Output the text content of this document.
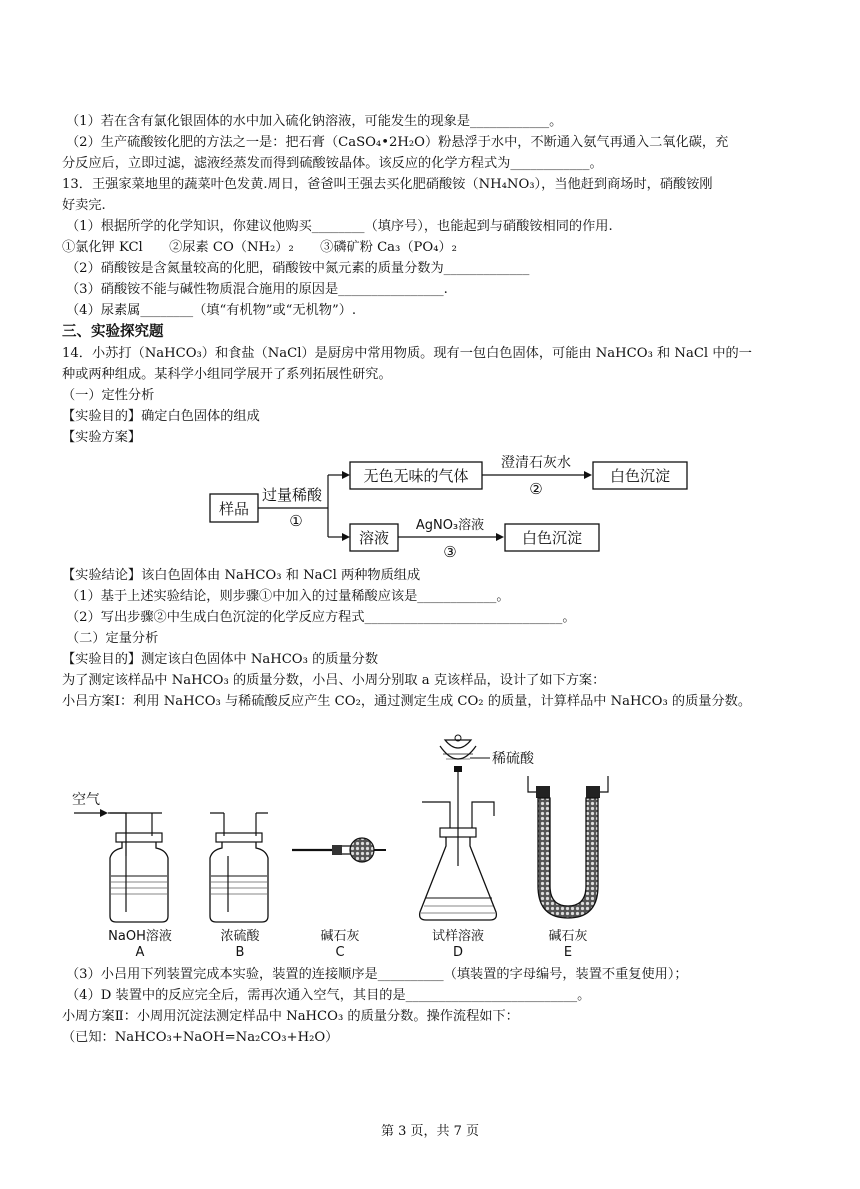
（1）若在含有氯化银固体的水中加入硫化钠溶液，可能发生的现象是____________。
（2）生产硫酸铵化肥的方法之一是：把石膏（CaSO₄•2H₂O）粉悬浮于水中，不断通入氨气再通入二氧化碳，充
分反应后，立即过滤，滤液经蒸发而得到硫酸铵晶体。该反应的化学方程式为____________。
13．王强家菜地里的蔬菜叶色发黄.周日，爸爸叫王强去买化肥硝酸铵（NH₄NO₃），当他赶到商场时，硝酸铵刚
好卖完.
（1）根据所学的化学知识，你建议他购买________（填序号），也能起到与硝酸铵相同的作用.
①氯化钾 KCl　　②尿素 CO（NH₂）₂　　③磷矿粉 Ca₃（PO₄）₂
（2）硝酸铵是含氮量较高的化肥，硝酸铵中氮元素的质量分数为_____________
（3）硝酸铵不能与碱性物质混合施用的原因是________________.
（4）尿素属________（填“有机物”或“无机物”）.
三、实验探究题
14．小苏打（NaHCO₃）和食盐（NaCl）是厨房中常用物质。现有一包白色固体，可能由 NaHCO₃ 和 NaCl 中的一
种或两种组成。某科学小组同学展开了系列拓展性研究。
（一）定性分析
【实验目的】确定白色固体的组成
【实验方案】
样品
过量稀酸
①
无色无味的气体
澄清石灰水
②
白色沉淀
溶液
AgNO₃溶液
③
白色沉淀
【实验结论】该白色固体由 NaHCO₃ 和 NaCl 两种物质组成
（1）基于上述实验结论，则步骤①中加入的过量稀酸应该是____________。
（2）写出步骤②中生成白色沉淀的化学反应方程式______________________________。
（二）定量分析
【实验目的】测定该白色固体中 NaHCO₃ 的质量分数
为了测定该样品中 NaHCO₃ 的质量分数，小吕、小周分别取 a 克该样品，设计了如下方案：
小吕方案Ⅰ：利用 NaHCO₃ 与稀硫酸反应产生 CO₂，通过测定生成 CO₂ 的质量，计算样品中 NaHCO₃ 的质量分数。
空气
NaOH溶液
A
浓硫酸
B
碱石灰
C
稀硫酸
试样溶液
D
碱石灰
E
（3）小吕用下列装置完成本实验，装置的连接顺序是__________（填装置的字母编号，装置不重复使用）；
（4）D 装置中的反应完全后，需再次通入空气，其目的是__________________________。
小周方案Ⅱ：小周用沉淀法测定样品中 NaHCO₃ 的质量分数。操作流程如下：
（已知：NaHCO₃+NaOH=Na₂CO₃+H₂O）
第 3 页，共 7 页
